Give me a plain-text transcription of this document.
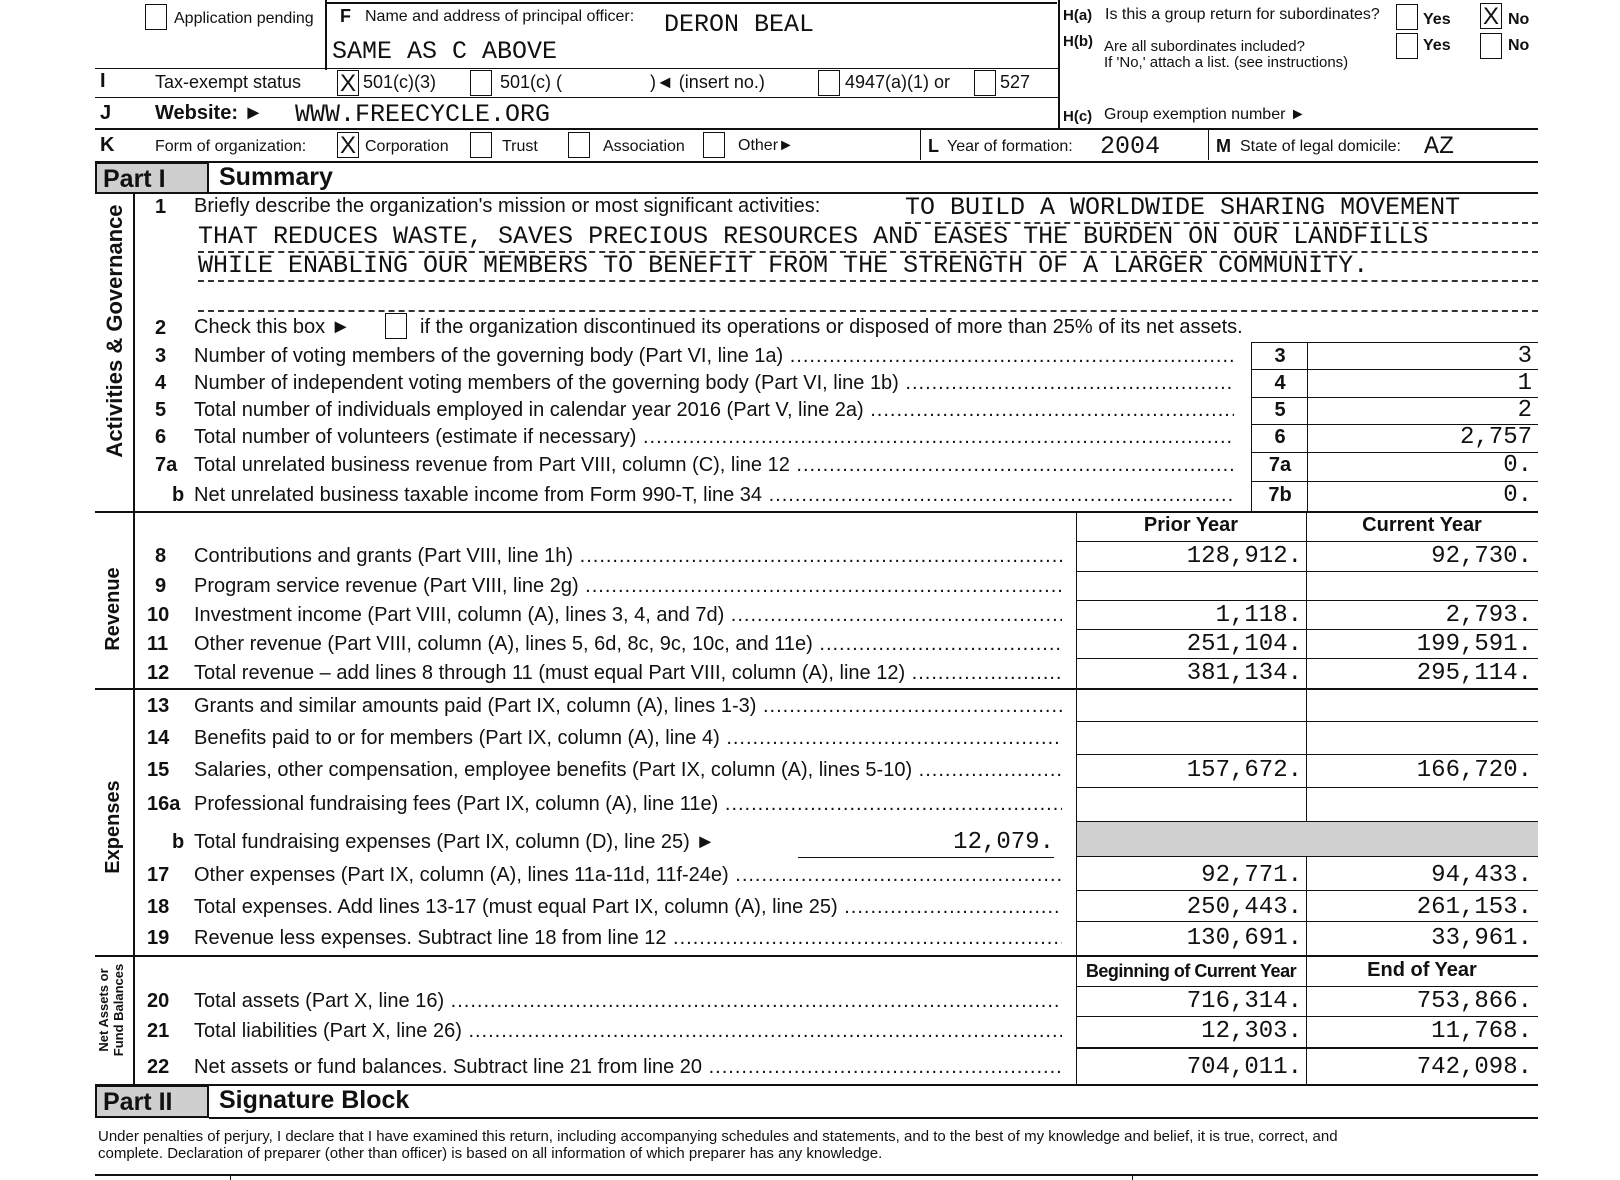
Application pending F Name and address of principal officer: DERON BEAL
SAME AS C ABOVE
H(a) Is this a group return for subordinates?	Yes X No
H(b) Are all subordinates included?
If 'No,' attach a list. (see instructions)
Yes	No
I	Tax-exempt status X 501(c)(3)	501(c) (	)◄ (insert no.)	4947(a)(1) or	527
J Website: ► WWW.FREECYCLE.ORG	H(c) Group exemption number ►
K	Form of organization: X Corporation	Trust	Association	Other►	L Year of formation: 2004	M State of legal domicile: AZ
Part I Summary
Activities & Governance
Revenue
Expenses
Net Assets or Fund Balances
1 Briefly describe the organization's mission or most significant activities:	TO BUILD A WORLDWIDE SHARING MOVEMENT
THAT REDUCES WASTE, SAVES PRECIOUS RESOURCES AND EASES THE BURDEN ON OUR LANDFILLS
WHILE ENABLING OUR MEMBERS TO BENEFIT FROM THE STRENGTH OF A LARGER COMMUNITY.
2 Check this box ►	if the organization discontinued its operations or disposed of more than 25% of its net assets.
3 Number of voting members of the governing body (Part VI, line 1a) .....	3	3
4 Number of independent voting members of the governing body (Part VI, line 1b) .....	4	1
5 Total number of individuals employed in calendar year 2016 (Part V, line 2a) .....	5	2
6 Total number of volunteers (estimate if necessary) .....	6	2,757
7a Total unrelated business revenue from Part VIII, column (C), line 12 .....	7a	0.
b Net unrelated business taxable income from Form 990-T, line 34 .....	7b	0.
Prior Year	Current Year
8 Contributions and grants (Part VIII, line 1h) .....	128,912.	92,730.
9 Program service revenue (Part VIII, line 2g) .....
10 Investment income (Part VIII, column (A), lines 3, 4, and 7d) .....	1,118.	2,793.
11 Other revenue (Part VIII, column (A), lines 5, 6d, 8c, 9c, 10c, and 11e) .....	251,104.	199,591.
12 Total revenue – add lines 8 through 11 (must equal Part VIII, column (A), line 12) .....	381,134.	295,114.
13 Grants and similar amounts paid (Part IX, column (A), lines 1-3) .....
14 Benefits paid to or for members (Part IX, column (A), line 4) .....
15 Salaries, other compensation, employee benefits (Part IX, column (A), lines 5-10) .....	157,672.	166,720.
16a Professional fundraising fees (Part IX, column (A), line 11e) .....
b Total fundraising expenses (Part IX, column (D), line 25) ►	12,079.
17 Other expenses (Part IX, column (A), lines 11a-11d, 11f-24e) .....	92,771.	94,433.
18 Total expenses. Add lines 13-17 (must equal Part IX, column (A), line 25) .....	250,443.	261,153.
19 Revenue less expenses. Subtract line 18 from line 12 .....	130,691.	33,961.
Beginning of Current Year	End of Year
20 Total assets (Part X, line 16) .....	716,314.	753,866.
21 Total liabilities (Part X, line 26) .....	12,303.	11,768.
22 Net assets or fund balances. Subtract line 21 from line 20 .....	704,011.	742,098.
Part II Signature Block
Under penalties of perjury, I declare that I have examined this return, including accompanying schedules and statements, and to the best of my knowledge and belief, it is true, correct, and
complete. Declaration of preparer (other than officer) is based on all information of which preparer has any knowledge.
